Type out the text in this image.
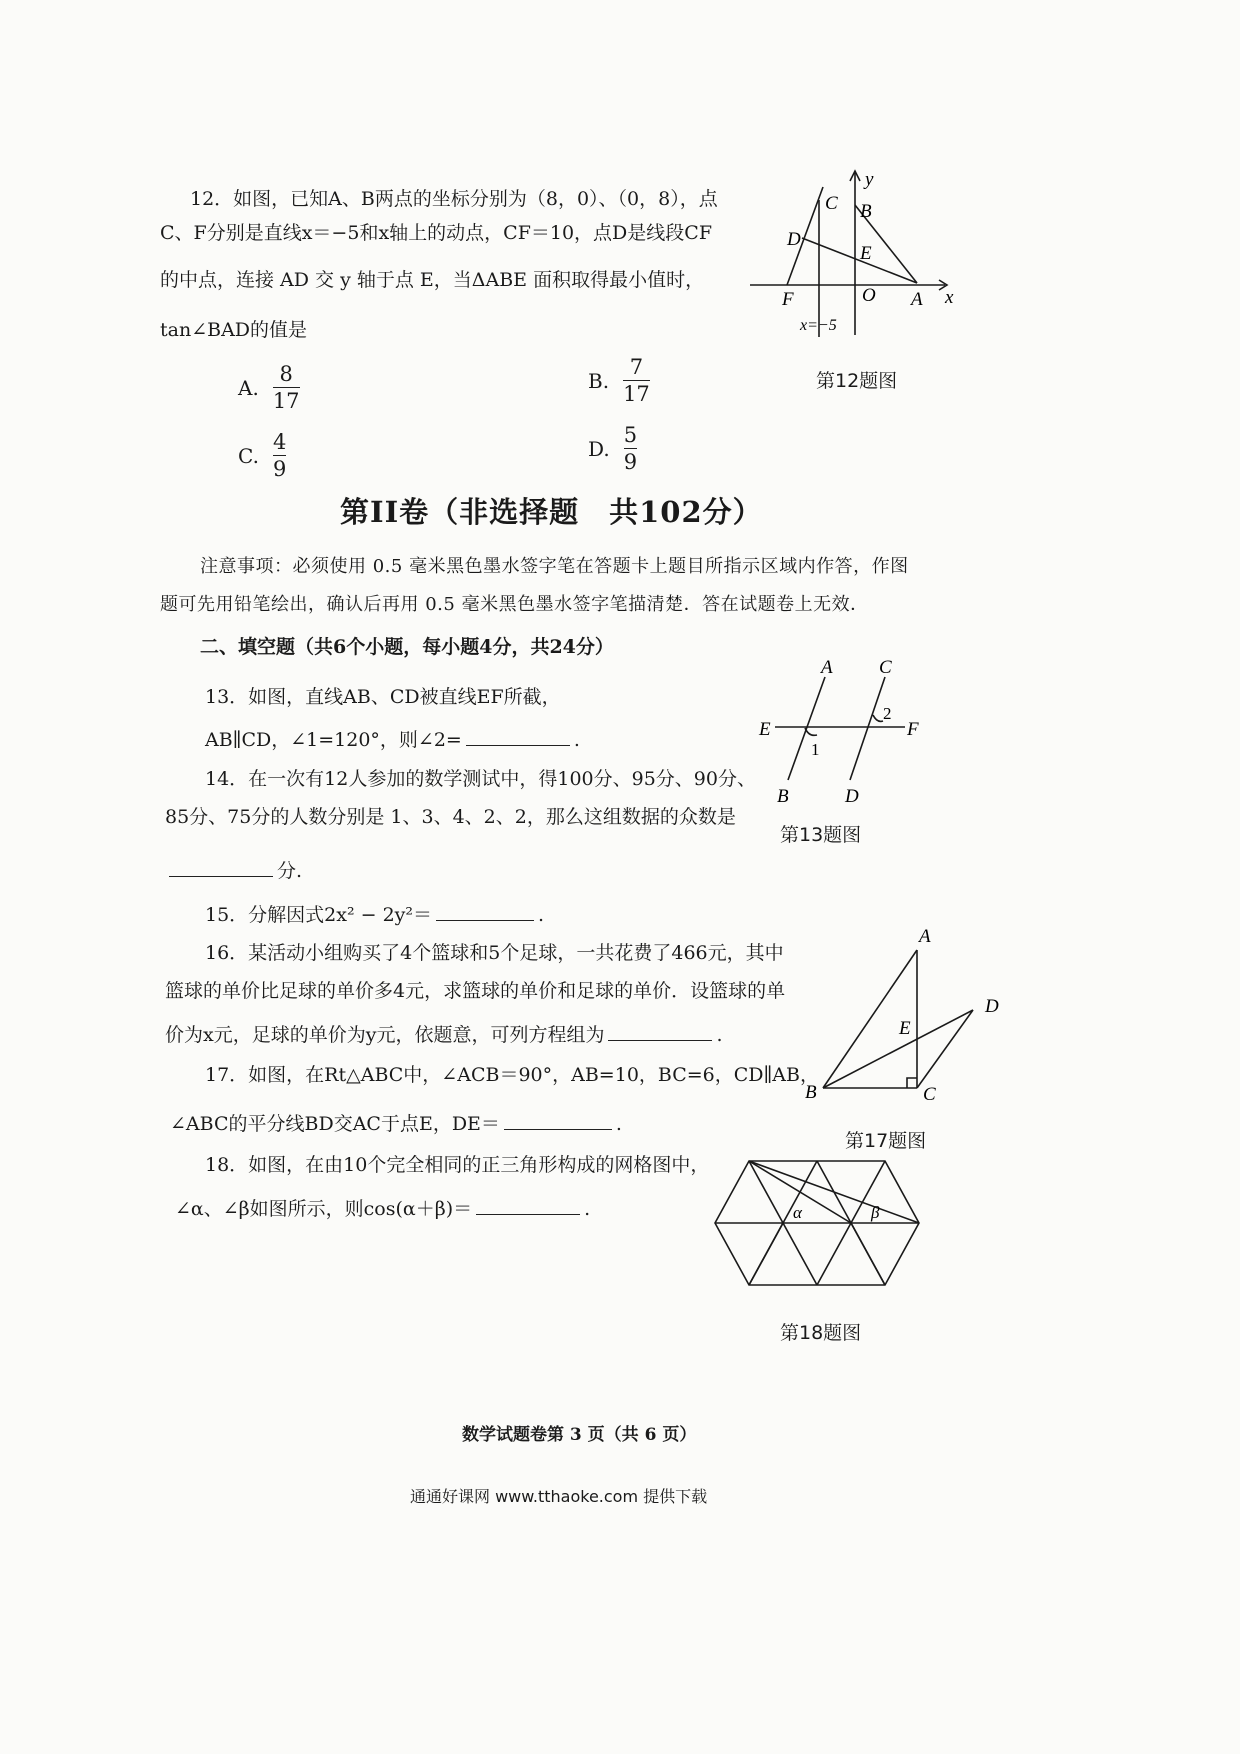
12．如图，已知A、B两点的坐标分别为（8，0）、（0，8），点
C、F分别是直线x＝−5和x轴上的动点，CF＝10，点D是线段CF
的中点，连接 AD 交 y 轴于点 E，当ΔABE 面积取得最小值时，
tan∠BAD的值是
A. $\frac{8}{17}$	B. $\frac{7}{17}$
C. $\frac{4}{9}$	D. $\frac{5}{9}$
y
x
C B
D
E
F	O A
x=−5
第12题图
第II卷（非选择题　共102分）
注意事项：必须使用 0.5 毫米黑色墨水签字笔在答题卡上题目所指示区域内作答，作图
题可先用铅笔绘出，确认后再用 0.5 毫米黑色墨水签字笔描清楚．答在试题卷上无效．
二、填空题（共6个小题，每小题4分，共24分）
13．如图，直线AB、CD被直线EF所截，
AB∥CD，∠1=120°，则∠2=	.
A C
E	F
B	D
1
2
第13题图
14．在一次有12人参加的数学测试中，得100分、95分、90分、
85分、75分的人数分别是 1、3、4、2、2，那么这组数据的众数是
分.
15．分解因式2x² − 2y²＝	.
16．某活动小组购买了4个篮球和5个足球，一共花费了466元，其中
篮球的单价比足球的单价多4元，求篮球的单价和足球的单价．设篮球的单
价为x元，足球的单价为y元，依题意，可列方程组为	.
A
B	C
D
E
17．如图，在Rt△ABC中，∠ACB＝90°，AB=10，BC=6，CD∥AB，
∠ABC的平分线BD交AC于点E，DE＝	.
第17题图
18．如图，在由10个完全相同的正三角形构成的网格图中，
∠α、∠β如图所示，则cos(α＋β)＝	.	α	β
第18题图
数学试题卷第 3 页（共 6 页）
通通好课网 www.tthaoke.com 提供下载
